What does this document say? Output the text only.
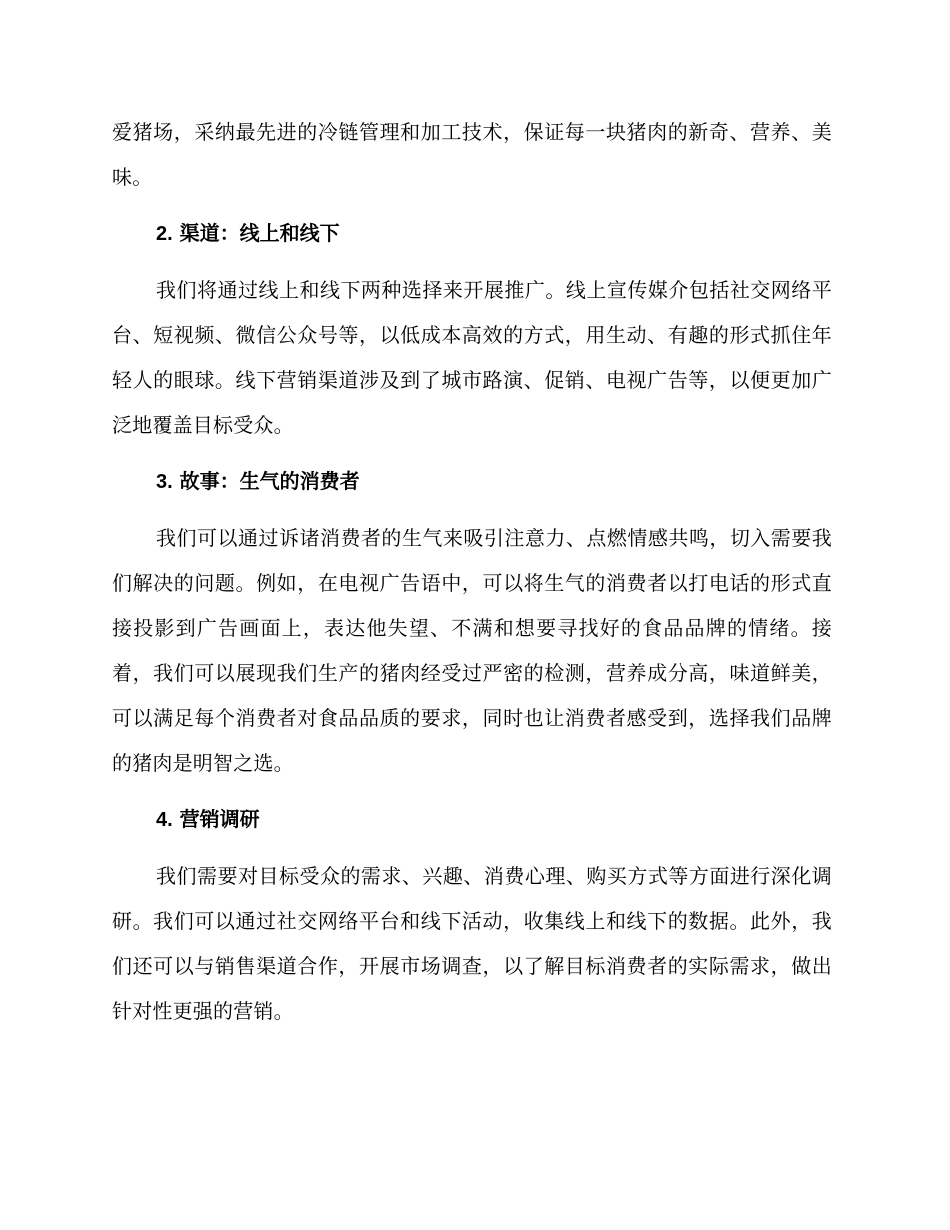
爱猪场，采纳最先进的冷链管理和加工技术，保证每一块猪肉的新奇、营养、美味。

2. 渠道：线上和线下

我们将通过线上和线下两种选择来开展推广。线上宣传媒介包括社交网络平台、短视频、微信公众号等，以低成本高效的方式，用生动、有趣的形式抓住年轻人的眼球。线下营销渠道涉及到了城市路演、促销、电视广告等，以便更加广泛地覆盖目标受众。

3. 故事：生气的消费者

我们可以通过诉诸消费者的生气来吸引注意力、点燃情感共鸣，切入需要我们解决的问题。例如，在电视广告语中，可以将生气的消费者以打电话的形式直接投影到广告画面上，表达他失望、不满和想要寻找好的食品品牌的情绪。接着，我们可以展现我们生产的猪肉经受过严密的检测，营养成分高，味道鲜美，可以满足每个消费者对食品品质的要求，同时也让消费者感受到，选择我们品牌的猪肉是明智之选。

4. 营销调研

我们需要对目标受众的需求、兴趣、消费心理、购买方式等方面进行深化调研。我们可以通过社交网络平台和线下活动，收集线上和线下的数据。此外，我们还可以与销售渠道合作，开展市场调查，以了解目标消费者的实际需求，做出针对性更强的营销。
